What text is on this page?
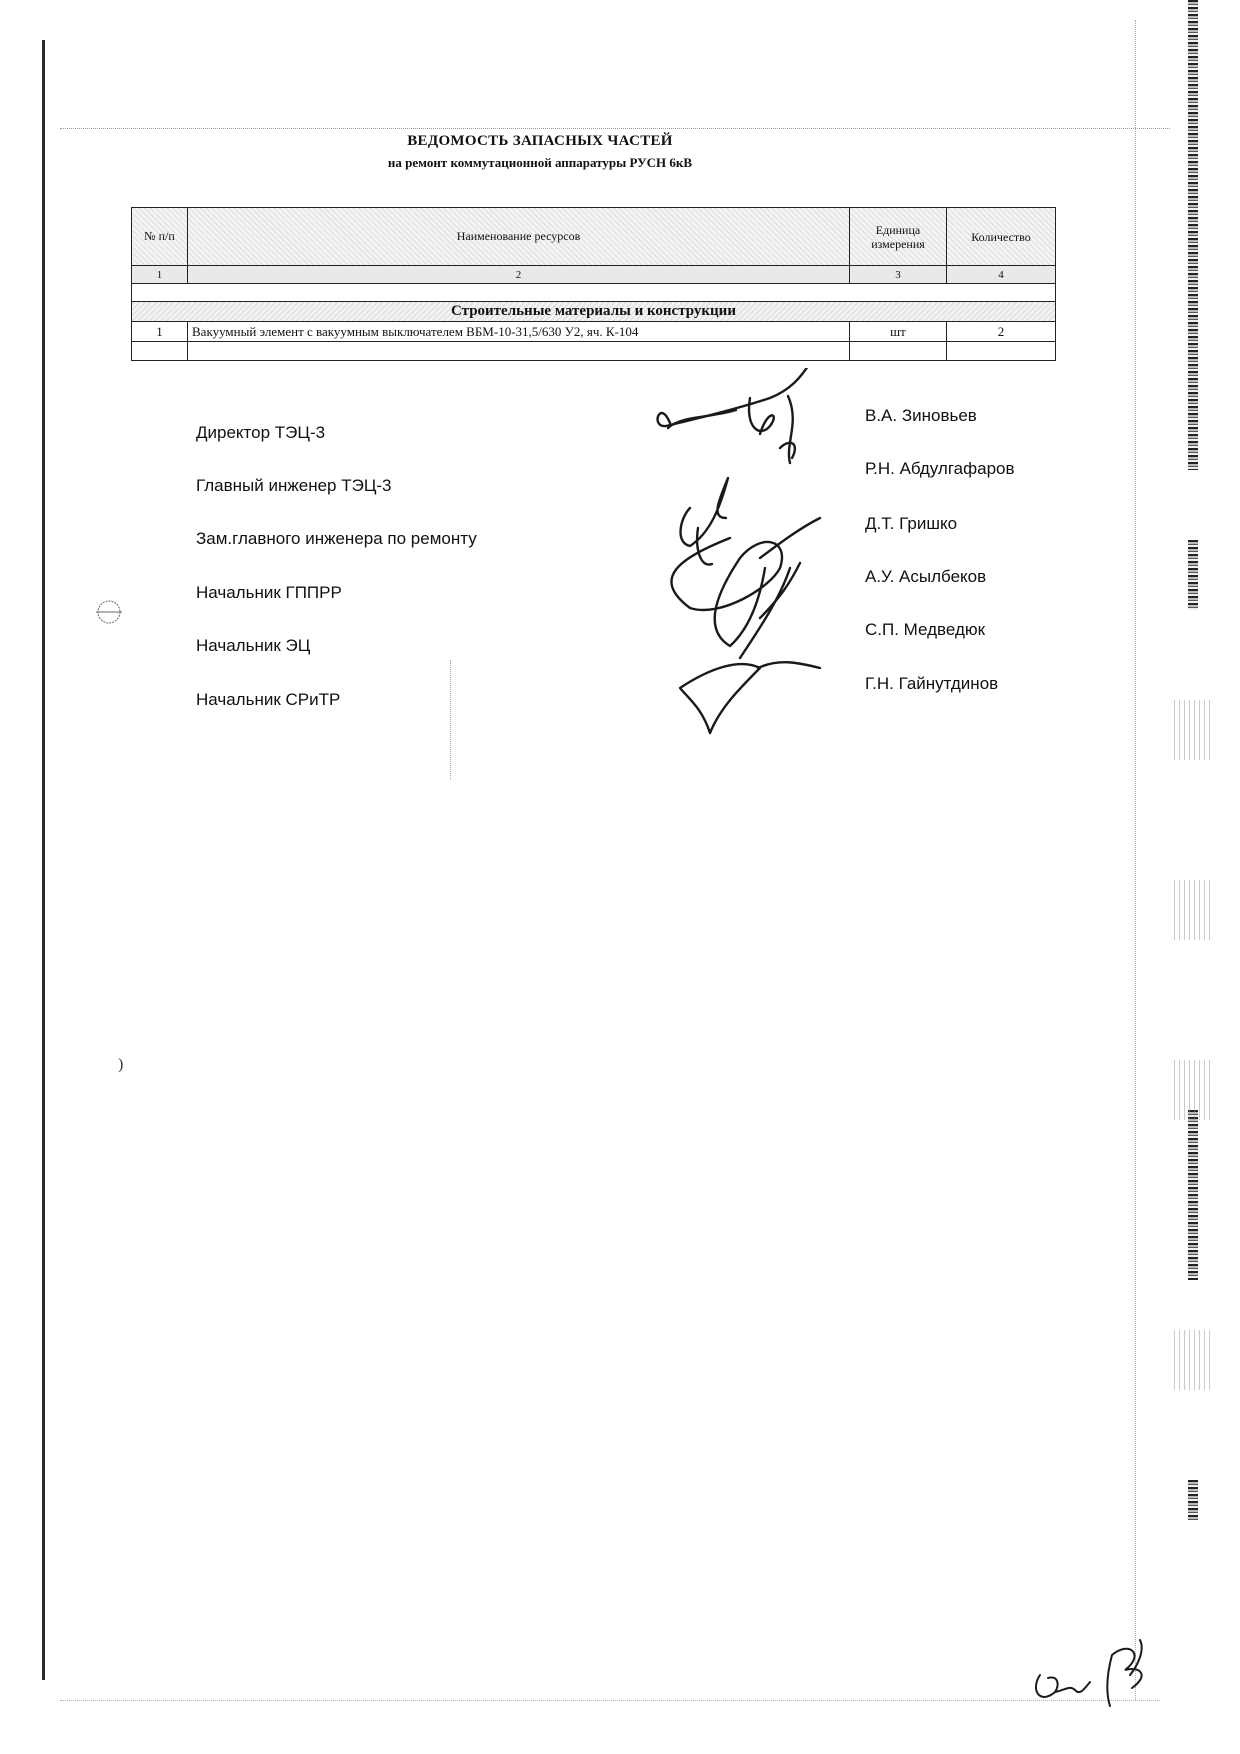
ВЕДОМОСТЬ ЗАПАСНЫХ ЧАСТЕЙ
на ремонт коммутационной аппаратуры РУСН 6кВ
№ п/п	Наименование ресурсов	Единица измерения	Количество
1	2	3	4

Строительные материалы и конструкции			
1	Вакуумный элемент с вакуумным выключателем ВБМ-10-31,5/630 У2, яч. К-104	шт	2

Директор ТЭЦ-3
Главный инженер ТЭЦ-3
Зам.главного инженера по ремонту
Начальник ГППРР
Начальник ЭЦ
Начальник СРиТР
В.А. Зиновьев
Р.Н. Абдулгафаров
Д.Т. Гришко
А.У. Асылбеков
С.П. Медведюк
Г.Н. Гайнутдинов
)
